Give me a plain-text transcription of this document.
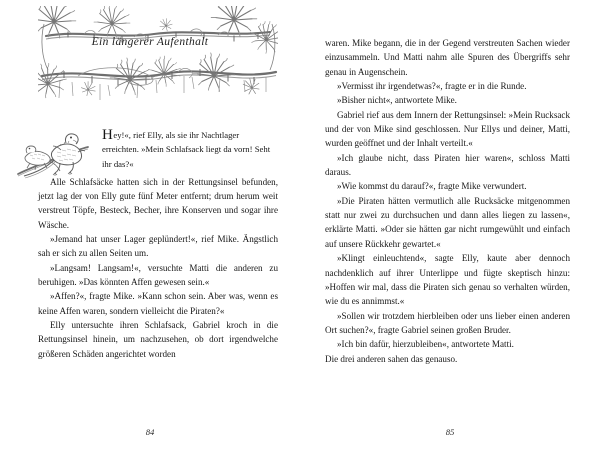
Ein längerer Aufenthalt
Hey!«, rief Elly, als sie ihr Nachtlager erreichten. »Mein Schlafsack liegt da vorn! Seht ihr das?«

Alle Schlafsäcke hatten sich in der Rettungsinsel befunden, jetzt lag der von Elly gute fünf Meter entfernt; drum herum weit verstreut Töpfe, Besteck, Becher, ihre Konserven und sogar ihre Wäsche.

»Jemand hat unser Lager geplündert!«, rief Mike. Ängstlich sah er sich zu allen Seiten um.

»Langsam! Langsam!«, versuchte Matti die anderen zu beruhigen. »Das könnten Affen gewesen sein.«

»Affen?«, fragte Mike. »Kann schon sein. Aber was, wenn es keine Affen waren, sondern vielleicht die Piraten?«

Elly untersuchte ihren Schlafsack, Gabriel kroch in die Rettungsinsel hinein, um nachzusehen, ob dort irgendwelche größeren Schäden angerichtet worden

84

waren. Mike begann, die in der Gegend verstreuten Sachen wieder einzusammeln. Und Matti nahm alle Spuren des Übergriffs sehr genau in Augenschein.

»Vermisst ihr irgendetwas?«, fragte er in die Runde.

»Bisher nicht«, antwortete Mike.

Gabriel rief aus dem Innern der Rettungsinsel: »Mein Rucksack und der von Mike sind geschlossen. Nur Ellys und deiner, Matti, wurden geöffnet und der Inhalt verteilt.«

»Ich glaube nicht, dass Piraten hier waren«, schloss Matti daraus.

»Wie kommst du darauf?«, fragte Mike verwundert.

»Die Piraten hätten vermutlich alle Rucksäcke mitgenommen statt nur zwei zu durchsuchen und dann alles liegen zu lassen«, erklärte Matti. »Oder sie hätten gar nicht rumgewühlt und einfach auf unsere Rückkehr gewartet.«

»Klingt einleuchtend«, sagte Elly, kaute aber dennoch nachdenklich auf ihrer Unterlippe und fügte skeptisch hinzu: »Hoffen wir mal, dass die Piraten sich genau so verhalten würden, wie du es annimmst.«

»Sollen wir trotzdem hierbleiben oder uns lieber einen anderen Ort suchen?«, fragte Gabriel seinen großen Bruder.

»Ich bin dafür, hierzubleiben«, antwortete Matti.

Die drei anderen sahen das genauso.

85
